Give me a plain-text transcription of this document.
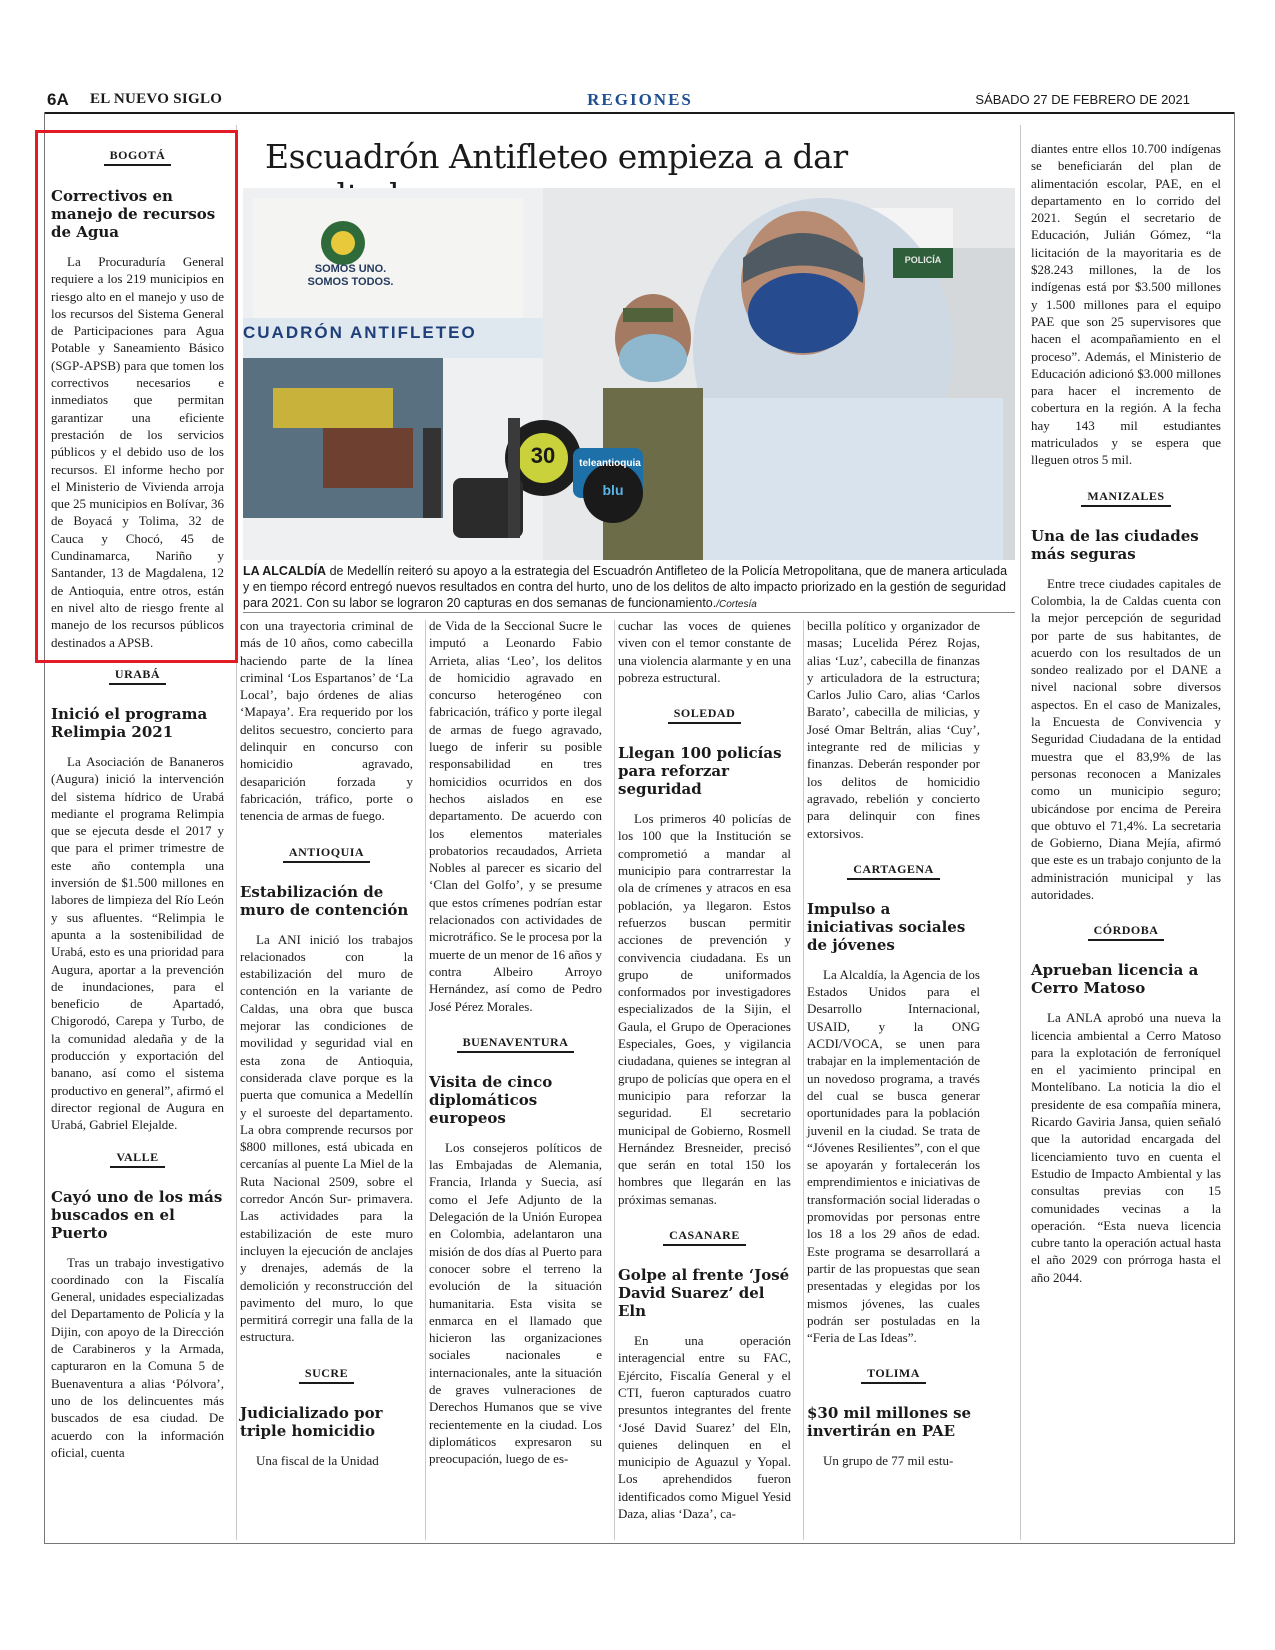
6A EL NUEVO SIGLO	REGIONES	SÁBADO 27 DE FEBRERO DE 2021
Escuadrón Antifleteo empieza a dar
SOMOS UNO. SOMOS TODOS.
CUADRÓN ANTIFLETEO
30	teleantioquia
blu
POLICÍA
LA ALCALDÍA de Medellín reiteró su apoyo a la estrategia del Escuadrón Antifleteo de la Policía Metropolitana, que de manera articulada y en tiempo récord entregó nuevos resultados en contra del hurto, uno de los delitos de alto impacto priorizado en la gestión de seguridad para 2021. Con su labor se lograron 20 capturas en dos semanas de funcionamiento./Cortesía
BOGOTÁ

Correctivos en manejo de recursos de Agua

La Procuraduría General requiere a los 219 municipios en riesgo alto en el manejo y uso de los recursos del Sistema General de Participaciones para Agua Potable y Saneamiento Básico (SGP-APSB) para que tomen los correctivos necesarios e inmediatos que permitan garantizar una eficiente prestación de los servicios públicos y el debido uso de los recursos. El informe hecho por el Ministerio de Vivienda arroja que 25 municipios en Bolívar, 36 de Boyacá y Tolima, 32 de Cauca y Chocó, 45 de Cundinamarca, Nariño y Santander, 13 de Magdalena, 12 de Antioquia, entre otros, están en nivel alto de riesgo frente al manejo de los recursos públicos destinados a APSB.

URABÁ

Inició el programa Relimpia 2021

La Asociación de Bananeros (Augura) inició la intervención del sistema hídrico de Urabá mediante el programa Relimpia que se ejecuta desde el 2017 y que para el primer trimestre de este año contempla una inversión de $1.500 millones en labores de limpieza del Río León y sus afluentes. “Relimpia le apunta a la sostenibilidad de Urabá, esto es una prioridad para Augura, aportar a la prevención de inundaciones, para el beneficio de Apartadó, Chigorodó, Carepa y Turbo, de la comunidad aledaña y de la producción y exportación del banano, así como el sistema productivo en general”, afirmó el director regional de Augura en Urabá, Gabriel Elejalde.

VALLE

Cayó uno de los más buscados en el Puerto

Tras un trabajo investigativo coordinado con la Fiscalía General, unidades especializadas del Departamento de Policía y la Dijin, con apoyo de la Dirección de Carabineros y la Armada, capturaron en la Comuna 5 de Buenaventura a alias ‘Pólvora’, uno de los delincuentes más buscados de esa ciudad. De acuerdo con la información oficial, cuenta

con una trayectoria criminal de más de 10 años, como cabecilla haciendo parte de la línea criminal ‘Los Espartanos’ de ‘La Local’, bajo órdenes de alias ‘Mapaya’. Era requerido por los delitos secuestro, concierto para delinquir en concurso con homicidio agravado, desaparición forzada y fabricación, tráfico, porte o tenencia de armas de fuego.

ANTIOQUIA

Estabilización de muro de contención

La ANI inició los trabajos relacionados con la estabilización del muro de contención en la variante de Caldas, una obra que busca mejorar las condiciones de movilidad y seguridad vial en esta zona de Antioquia, considerada clave porque es la puerta que comunica a Medellín y el suroeste del departamento. La obra comprende recursos por $800 millones, está ubicada en cercanías al puente La Miel de la Ruta Nacional 2509, sobre el corredor Ancón Sur- primavera. Las actividades para la estabilización de este muro incluyen la ejecución de anclajes y drenajes, además de la demolición y reconstrucción del pavimento del muro, lo que permitirá corregir una falla de la estructura.

SUCRE

Judicializado por triple homicidio

Una fiscal de la Unidad

de Vida de la Seccional Sucre le imputó a Leonardo Fabio Arrieta, alias ‘Leo’, los delitos de homicidio agravado en concurso heterogéneo con fabricación, tráfico y porte ilegal de armas de fuego agravado, luego de inferir su posible responsabilidad en tres homicidios ocurridos en dos hechos aislados en ese departamento. De acuerdo con los elementos materiales probatorios recaudados, Arrieta Nobles al parecer es sicario del ‘Clan del Golfo’, y se presume que estos crímenes podrían estar relacionados con actividades de microtráfico. Se le procesa por la muerte de un menor de 16 años y contra Albeiro Arroyo Hernández, así como de Pedro José Pérez Morales.

BUENAVENTURA

Visita de cinco diplomáticos europeos

Los consejeros políticos de las Embajadas de Alemania, Francia, Irlanda y Suecia, así como el Jefe Adjunto de la Delegación de la Unión Europea en Colombia, adelantaron una misión de dos días al Puerto para conocer sobre el terreno la evolución de la situación humanitaria. Esta visita se enmarca en el llamado que hicieron las organizaciones sociales nacionales e internacionales, ante la situación de graves vulneraciones de Derechos Humanos que se vive recientemente en la ciudad. Los diplomáticos expresaron su preocupación, luego de es-

cuchar las voces de quienes viven con el temor constante de una violencia alarmante y en una pobreza estructural.

SOLEDAD

Llegan 100 policías para reforzar seguridad

Los primeros 40 policías de los 100 que la Institución se comprometió a mandar al municipio para contrarrestar la ola de crímenes y atracos en esa población, ya llegaron. Estos refuerzos buscan permitir acciones de prevención y convivencia ciudadana. Es un grupo de uniformados conformados por investigadores especializados de la Sijin, el Gaula, el Grupo de Operaciones Especiales, Goes, y vigilancia ciudadana, quienes se integran al grupo de policías que opera en el municipio para reforzar la seguridad. El secretario municipal de Gobierno, Rosmell Hernández Bresneider, precisó que serán en total 150 los hombres que llegarán en las próximas semanas.

CASANARE

Golpe al frente ‘José David Suarez’ del Eln

En una operación interagencial entre su FAC, Ejército, Fiscalía General y el CTI, fueron capturados cuatro presuntos integrantes del frente ‘José David Suarez’ del Eln, quienes delinquen en el municipio de Aguazul y Yopal. Los aprehendidos fueron identificados como Miguel Yesid Daza, alias ‘Daza’, ca-

becilla político y organizador de masas; Lucelida Pérez Rojas, alias ‘Luz’, cabecilla de finanzas y articuladora de la estructura; Carlos Julio Caro, alias ‘Carlos Barato’, cabecilla de milicias, y José Omar Beltrán, alias ‘Cuy’, integrante red de milicias y finanzas. Deberán responder por los delitos de homicidio agravado, rebelión y concierto para delinquir con fines extorsivos.

CARTAGENA

Impulso a iniciativas sociales de jóvenes

La Alcaldía, la Agencia de los Estados Unidos para el Desarrollo Internacional, USAID, y la ONG ACDI/VOCA, se unen para trabajar en la implementación de un novedoso programa, a través del cual se busca generar oportunidades para la población juvenil en la ciudad. Se trata de “Jóvenes Resilientes”, con el que se apoyarán y fortalecerán los emprendimientos e iniciativas de transformación social lideradas o promovidas por personas entre los 18 a los 29 años de edad. Este programa se desarrollará a partir de las propuestas que sean presentadas y elegidas por los mismos jóvenes, las cuales podrán ser postuladas en la “Feria de Las Ideas”.

TOLIMA

$30 mil millones se invertirán en PAE

Un grupo de 77 mil estu-

diantes entre ellos 10.700 indígenas se beneficiarán del plan de alimentación escolar, PAE, en el departamento en lo corrido del 2021. Según el secretario de Educación, Julián Gómez, “la licitación de la mayoritaria es de $28.243 millones, la de los indígenas está por $3.500 millones y 1.500 millones para el equipo PAE que son 25 supervisores que hacen el acompañamiento en el proceso”. Además, el Ministerio de Educación adicionó $3.000 millones para hacer el incremento de cobertura en la región. A la fecha hay 143 mil estudiantes matriculados y se espera que lleguen otros 5 mil.

MANIZALES

Una de las ciudades más seguras

Entre trece ciudades capitales de Colombia, la de Caldas cuenta con la mejor percepción de seguridad por parte de sus habitantes, de acuerdo con los resultados de un sondeo realizado por el DANE a nivel nacional sobre diversos aspectos. En el caso de Manizales, la Encuesta de Convivencia y Seguridad Ciudadana de la entidad muestra que el 83,9% de las personas reconocen a Manizales como un municipio seguro; ubicándose por encima de Pereira que obtuvo el 71,4%. La secretaria de Gobierno, Diana Mejía, afirmó que este es un trabajo conjunto de la administración municipal y las autoridades.

CÓRDOBA

Aprueban licencia a Cerro Matoso

La ANLA aprobó una nueva la licencia ambiental a Cerro Matoso para la explotación de ferroníquel en el yacimiento principal en Montelíbano. La noticia la dio el presidente de esa compañía minera, Ricardo Gaviria Jansa, quien señaló que la autoridad encargada del licenciamiento tuvo en cuenta el Estudio de Impacto Ambiental y las consultas previas con 15 comunidades vecinas a la operación. “Esta nueva licencia cubre tanto la operación actual hasta el año 2029 con prórroga hasta el año 2044.
